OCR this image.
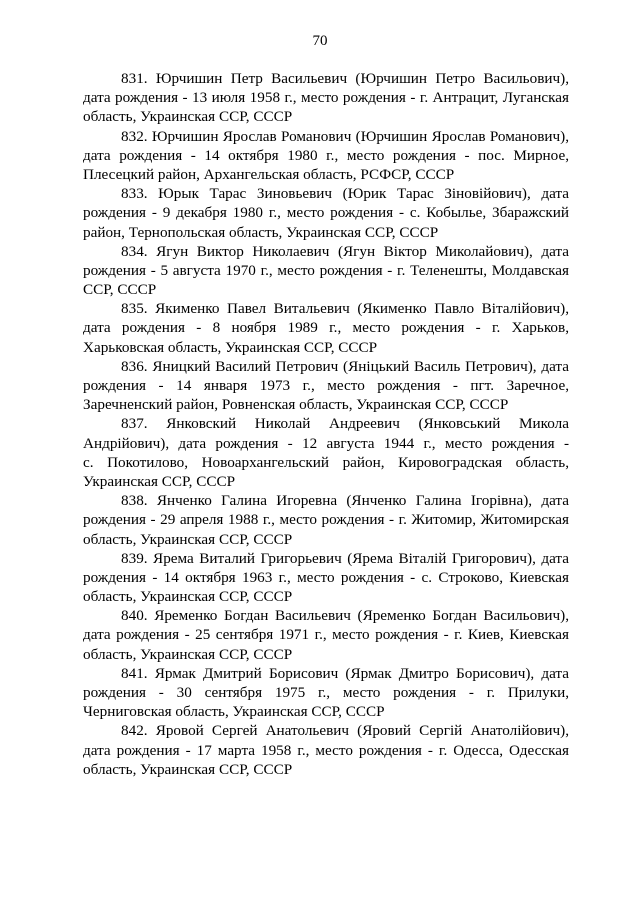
70
831. Юрчишин Петр Васильевич (Юрчишин Петро Васильович),
дата рождения - 13 июля 1958 г., место рождения - г. Антрацит, Луганская
область, Украинская ССР, СССР
832. Юрчишин Ярослав Романович (Юрчишин Ярослав Романович),
дата рождения - 14 октября 1980 г., место рождения - пос. Мирное,
Плесецкий район, Архангельская область, РСФСР, СССР
833. Юрык Тарас Зиновьевич (Юрик Тарас Зіновійович), дата
рождения - 9 декабря 1980 г., место рождения - с. Кобылье, Збаражский
район, Тернопольская область, Украинская ССР, СССР
834. Ягун Виктор Николаевич (Ягун Віктор Миколайович), дата
рождения - 5 августа 1970 г., место рождения - г. Теленешты, Молдавская
ССР, СССР
835. Якименко Павел Витальевич (Якименко Павло Віталійович),
дата рождения - 8 ноября 1989 г., место рождения - г. Харьков,
Харьковская область, Украинская ССР, СССР
836. Яницкий Василий Петрович (Яніцький Василь Петрович), дата
рождения - 14 января 1973 г., место рождения - пгт. Заречное,
Заречненский район, Ровненская область, Украинская ССР, СССР
837. Янковский Николай Андреевич (Янковський Микола
Андрійович), дата рождения - 12 августа 1944 г., место рождения -
с. Покотилово, Новоархангельский район, Кировоградская область,
Украинская ССР, СССР
838. Янченко Галина Игоревна (Янченко Галина Ігорівна), дата
рождения - 29 апреля 1988 г., место рождения - г. Житомир, Житомирская
область, Украинская ССР, СССР
839. Ярема Виталий Григорьевич (Ярема Віталій Григорович), дата
рождения - 14 октября 1963 г., место рождения - с. Строково, Киевская
область, Украинская ССР, СССР
840. Яременко Богдан Васильевич (Яременко Богдан Васильович),
дата рождения - 25 сентября 1971 г., место рождения - г. Киев, Киевская
область, Украинская ССР, СССР
841. Ярмак Дмитрий Борисович (Ярмак Дмитро Борисович), дата
рождения - 30 сентября 1975 г., место рождения - г. Прилуки,
Черниговская область, Украинская ССР, СССР
842. Яровой Сергей Анатольевич (Яровий Сергій Анатолійович),
дата рождения - 17 марта 1958 г., место рождения - г. Одесса, Одесская
область, Украинская ССР, СССР
